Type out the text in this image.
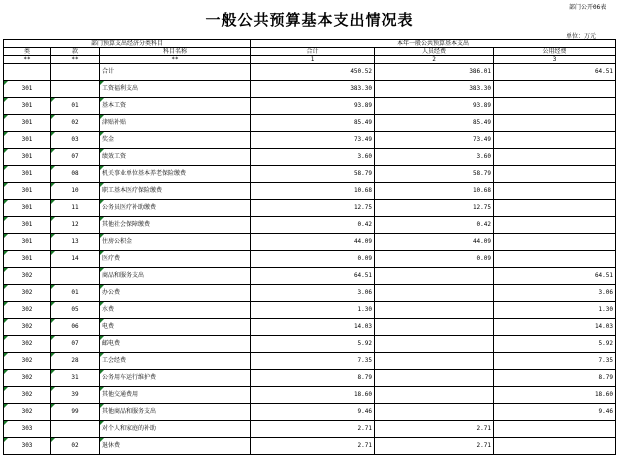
部门公开06表
一般公共预算基本支出情况表
单位：万元
部门预算支出经济分类科目			本年一般公共预算基本支出		
类	款	科目名称	合计	人员经费	公用经费
**	**	**	1	2	3
		合计	450.52	386.01	64.51
301		工资福利支出	383.30	383.30	
301	01	基本工资	93.89	93.89	
301	02	津贴补贴	85.49	85.49	
301	03	奖金	73.49	73.49	
301	07	绩效工资	3.60	3.60	
301	08	机关事业单位基本养老保险缴费	58.79	58.79	
301	10	职工基本医疗保险缴费	10.68	10.68	
301	11	公务员医疗补助缴费	12.75	12.75	
301	12	其他社会保障缴费	0.42	0.42	
301	13	住房公积金	44.09	44.09	
301	14	医疗费	0.09	0.09	
302		商品和服务支出	64.51		64.51
302	01	办公费	3.06		3.06
302	05	水费	1.30		1.30
302	06	电费	14.03		14.03
302	07	邮电费	5.92		5.92
302	28	工会经费	7.35		7.35
302	31	公务用车运行维护费	8.79		8.79
302	39	其他交通费用	18.60		18.60
302	99	其他商品和服务支出	9.46		9.46
303		对个人和家庭的补助	2.71	2.71	
303	02	退休费	2.71	2.71	
